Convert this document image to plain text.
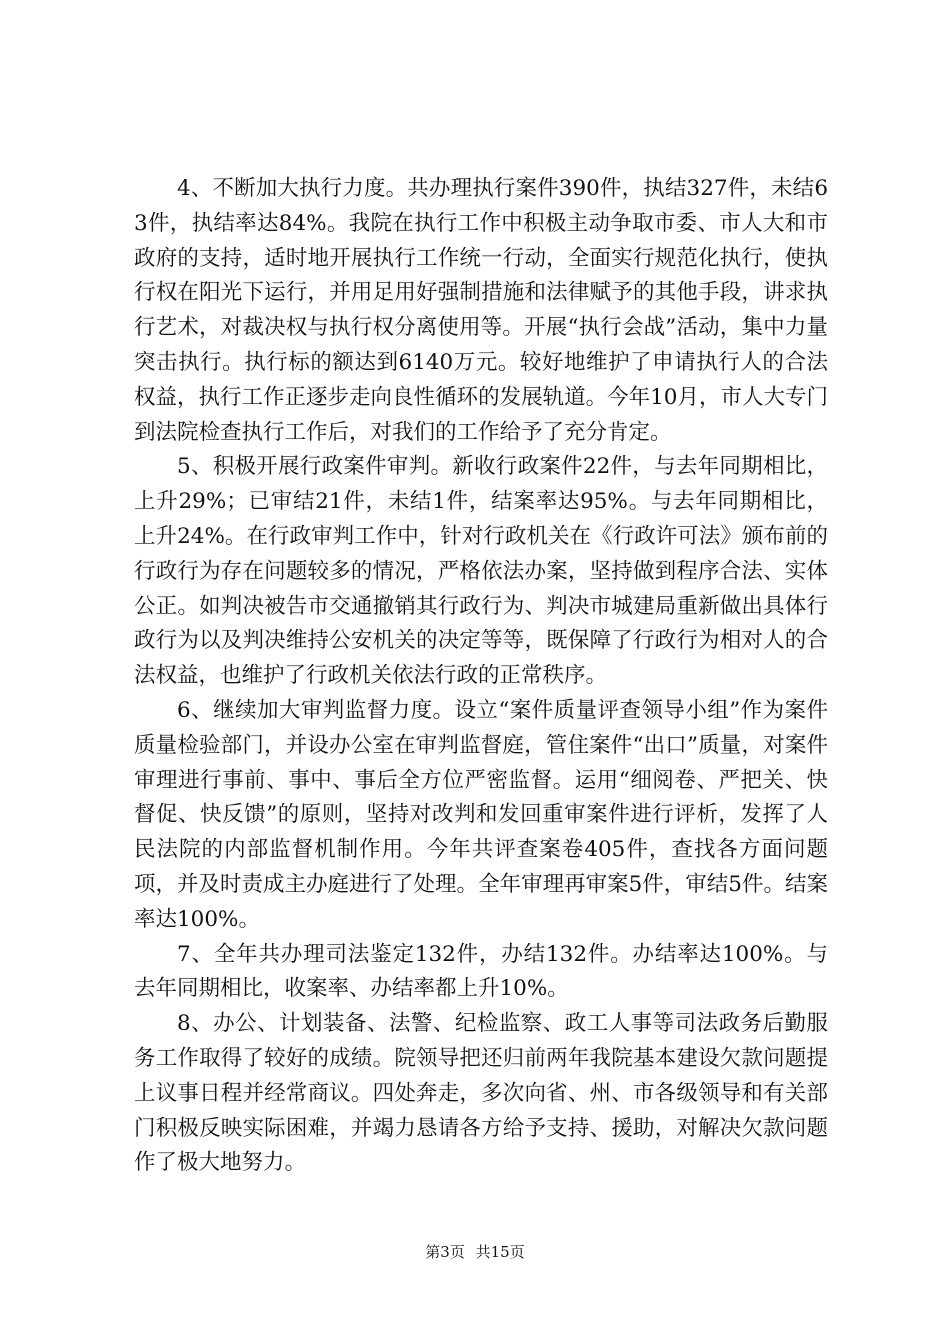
4、不断加大执行力度。共办理执行案件390件，执结327件，未结63件，执结率达84%。我院在执行工作中积极主动争取市委、市人大和市政府的支持，适时地开展执行工作统一行动，全面实行规范化执行，使执行权在阳光下运行，并用足用好强制措施和法律赋予的其他手段，讲求执行艺术，对裁决权与执行权分离使用等。开展“执行会战”活动，集中力量突击执行。执行标的额达到6140万元。较好地维护了申请执行人的合法权益，执行工作正逐步走向良性循环的发展轨道。今年10月，市人大专门到法院检查执行工作后，对我们的工作给予了充分肯定。

5、积极开展行政案件审判。新收行政案件22件，与去年同期相比，上升29%；已审结21件，未结1件，结案率达95%。与去年同期相比，上升24%。在行政审判工作中，针对行政机关在《行政许可法》颁布前的行政行为存在问题较多的情况，严格依法办案，坚持做到程序合法、实体公正。如判决被告市交通撤销其行政行为、判决市城建局重新做出具体行政行为以及判决维持公安机关的决定等等，既保障了行政行为相对人的合法权益，也维护了行政机关依法行政的正常秩序。

6、继续加大审判监督力度。设立“案件质量评查领导小组”作为案件质量检验部门，并设办公室在审判监督庭，管住案件“出口”质量，对案件审理进行事前、事中、事后全方位严密监督。运用“细阅卷、严把关、快督促、快反馈”的原则，坚持对改判和发回重审案件进行评析，发挥了人民法院的内部监督机制作用。今年共评查案卷405件，查找各方面问题项，并及时责成主办庭进行了处理。全年审理再审案5件，审结5件。结案率达100%。

7、全年共办理司法鉴定132件，办结132件。办结率达100%。与去年同期相比，收案率、办结率都上升10%。

8、办公、计划装备、法警、纪检监察、政工人事等司法政务后勤服务工作取得了较好的成绩。院领导把还归前两年我院基本建设欠款问题提上议事日程并经常商议。四处奔走，多次向省、州、市各级领导和有关部门积极反映实际困难，并竭力恳请各方给予支持、援助，对解决欠款问题作了极大地努力。

第3页 共15页
